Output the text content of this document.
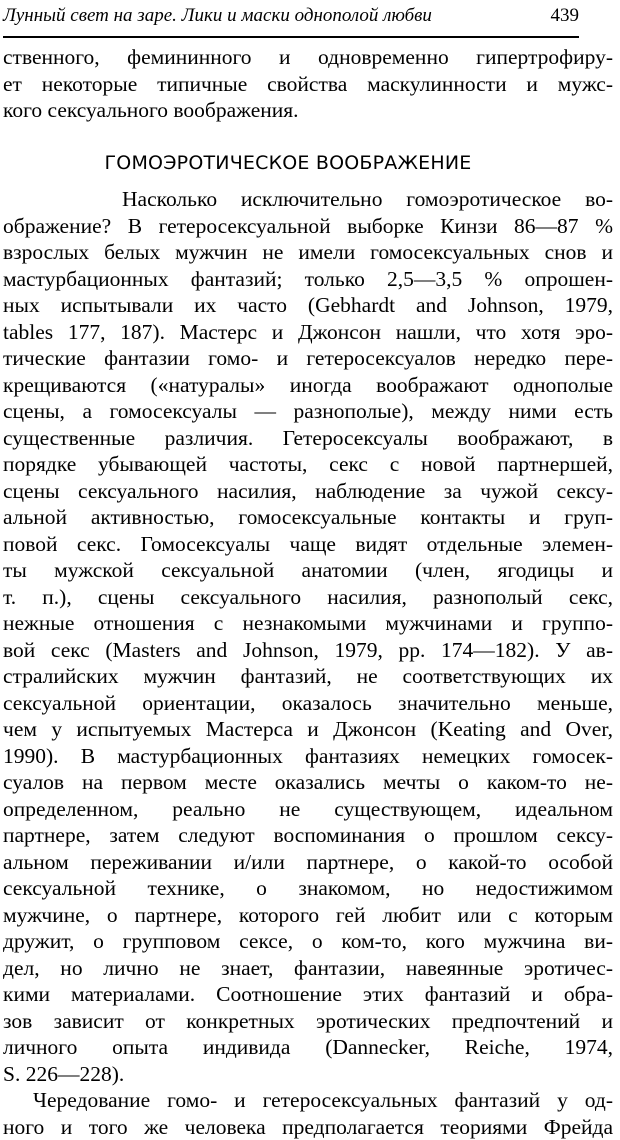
Лунный свет на заре. Лики и маски однополой любви	439
ственного, фемининного и одновременно гипертрофиру-
ет некоторые типичные свойства маскулинности и мужс-
кого сексуального воображения.
ГОМОЭРОТИЧЕСКОЕ ВООБРАЖЕНИЕ
Насколько исключительно гомоэротическое во-
ображение? В гетеросексуальной выборке Кинзи 86—87 %
взрослых белых мужчин не имели гомосексуальных снов и
мастурбационных фантазий; только 2,5—3,5 % опрошен-
ных испытывали их часто (Gebhardt and Johnson, 1979,
tables 177, 187). Мастерс и Джонсон нашли, что хотя эро-
тические фантазии гомо- и гетеросексуалов нередко пере-
крещиваются («натуралы» иногда воображают однополые
сцены, а гомосексуалы — разнополые), между ними есть
существенные различия. Гетеросексуалы воображают, в
порядке убывающей частоты, секс с новой партнершей,
сцены сексуального насилия, наблюдение за чужой сексу-
альной активностью, гомосексуальные контакты и груп-
повой секс. Гомосексуалы чаще видят отдельные элемен-
ты мужской сексуальной анатомии (член, ягодицы и
т. п.), сцены сексуального насилия, разнополый секс,
нежные отношения с незнакомыми мужчинами и группо-
вой секс (Masters and Johnson, 1979, pp. 174—182). У ав-
стралийских мужчин фантазий, не соответствующих их
сексуальной ориентации, оказалось значительно меньше,
чем у испытуемых Мастерса и Джонсон (Keating and Over,
1990). В мастурбационных фантазиях немецких гомосек-
суалов на первом месте оказались мечты о каком-то не-
определенном, реально не существующем, идеальном
партнере, затем следуют воспоминания о прошлом сексу-
альном переживании и/или партнере, о какой-то особой
сексуальной технике, о знакомом, но недостижимом
мужчине, о партнере, которого гей любит или с которым
дружит, о групповом сексе, о ком-то, кого мужчина ви-
дел, но лично не знает, фантазии, навеянные эротичес-
кими материалами. Соотношение этих фантазий и обра-
зов зависит от конкретных эротических предпочтений и
личного опыта индивида (Dannecker, Reiche, 1974,
S. 226—228).
Чередование гомо- и гетеросексуальных фантазий у од-
ного и того же человека предполагается теориями Фрейда
